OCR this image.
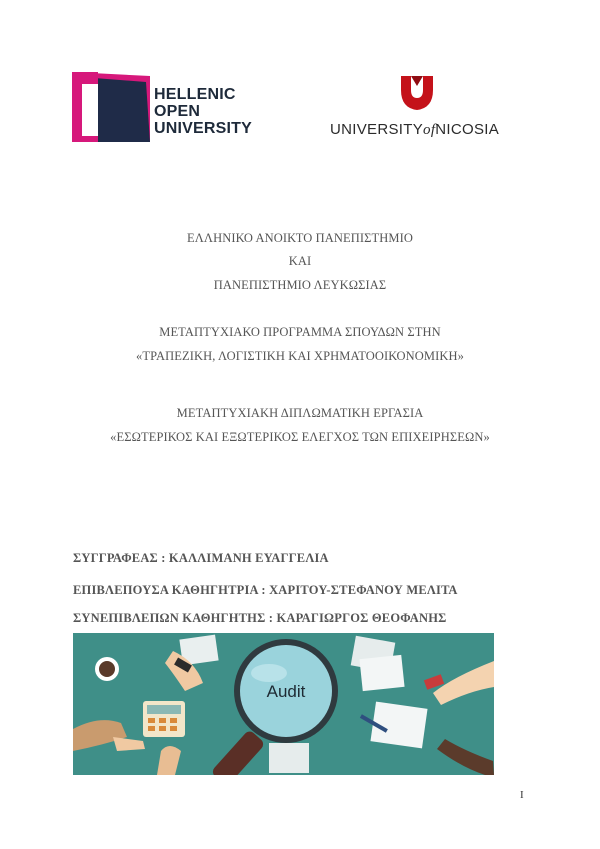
HELLENIC
OPEN
UNIVERSITY	UNIVERSITYofNICOSIA
ΕΛΛΗΝΙΚΟ ΑΝΟΙΚΤΟ ΠΑΝΕΠΙΣΤΗΜΙΟ
ΚΑΙ
ΠΑΝΕΠΙΣΤΗΜΙΟ ΛΕΥΚΩΣΙΑΣ
ΜΕΤΑΠΤΥΧΙΑΚΟ ΠΡΟΓΡΑΜΜΑ ΣΠΟΥΔΩΝ ΣΤΗΝ
«ΤΡΑΠΕΖΙΚΗ, ΛΟΓΙΣΤΙΚΗ ΚΑΙ ΧΡΗΜΑΤΟΟΙΚΟΝΟΜΙΚΗ»
ΜΕΤΑΠΤΥΧΙΑΚΗ ΔΙΠΛΩΜΑΤΙΚΗ ΕΡΓΑΣΙΑ
«ΕΣΩΤΕΡΙΚΟΣ ΚΑΙ ΕΞΩΤΕΡΙΚΟΣ ΕΛΕΓΧΟΣ ΤΩΝ ΕΠΙΧΕΙΡΗΣΕΩΝ»
ΣΥΓΓΡΑΦΕΑΣ : ΚΑΛΛΙΜΑΝΗ ΕΥΑΓΓΕΛΙΑ
ΕΠΙΒΛΕΠΟΥΣΑ ΚΑΘΗΓΗΤΡΙΑ : ΧΑΡΙΤΟΥ-ΣΤΕΦΑΝΟΥ ΜΕΛΙΤΑ
ΣΥΝΕΠΙΒΛΕΠΩΝ ΚΑΘΗΓΗΤΗΣ : ΚΑΡΑΓΙΩΡΓΟΣ ΘΕΟΦΑΝΗΣ
Audit
I
